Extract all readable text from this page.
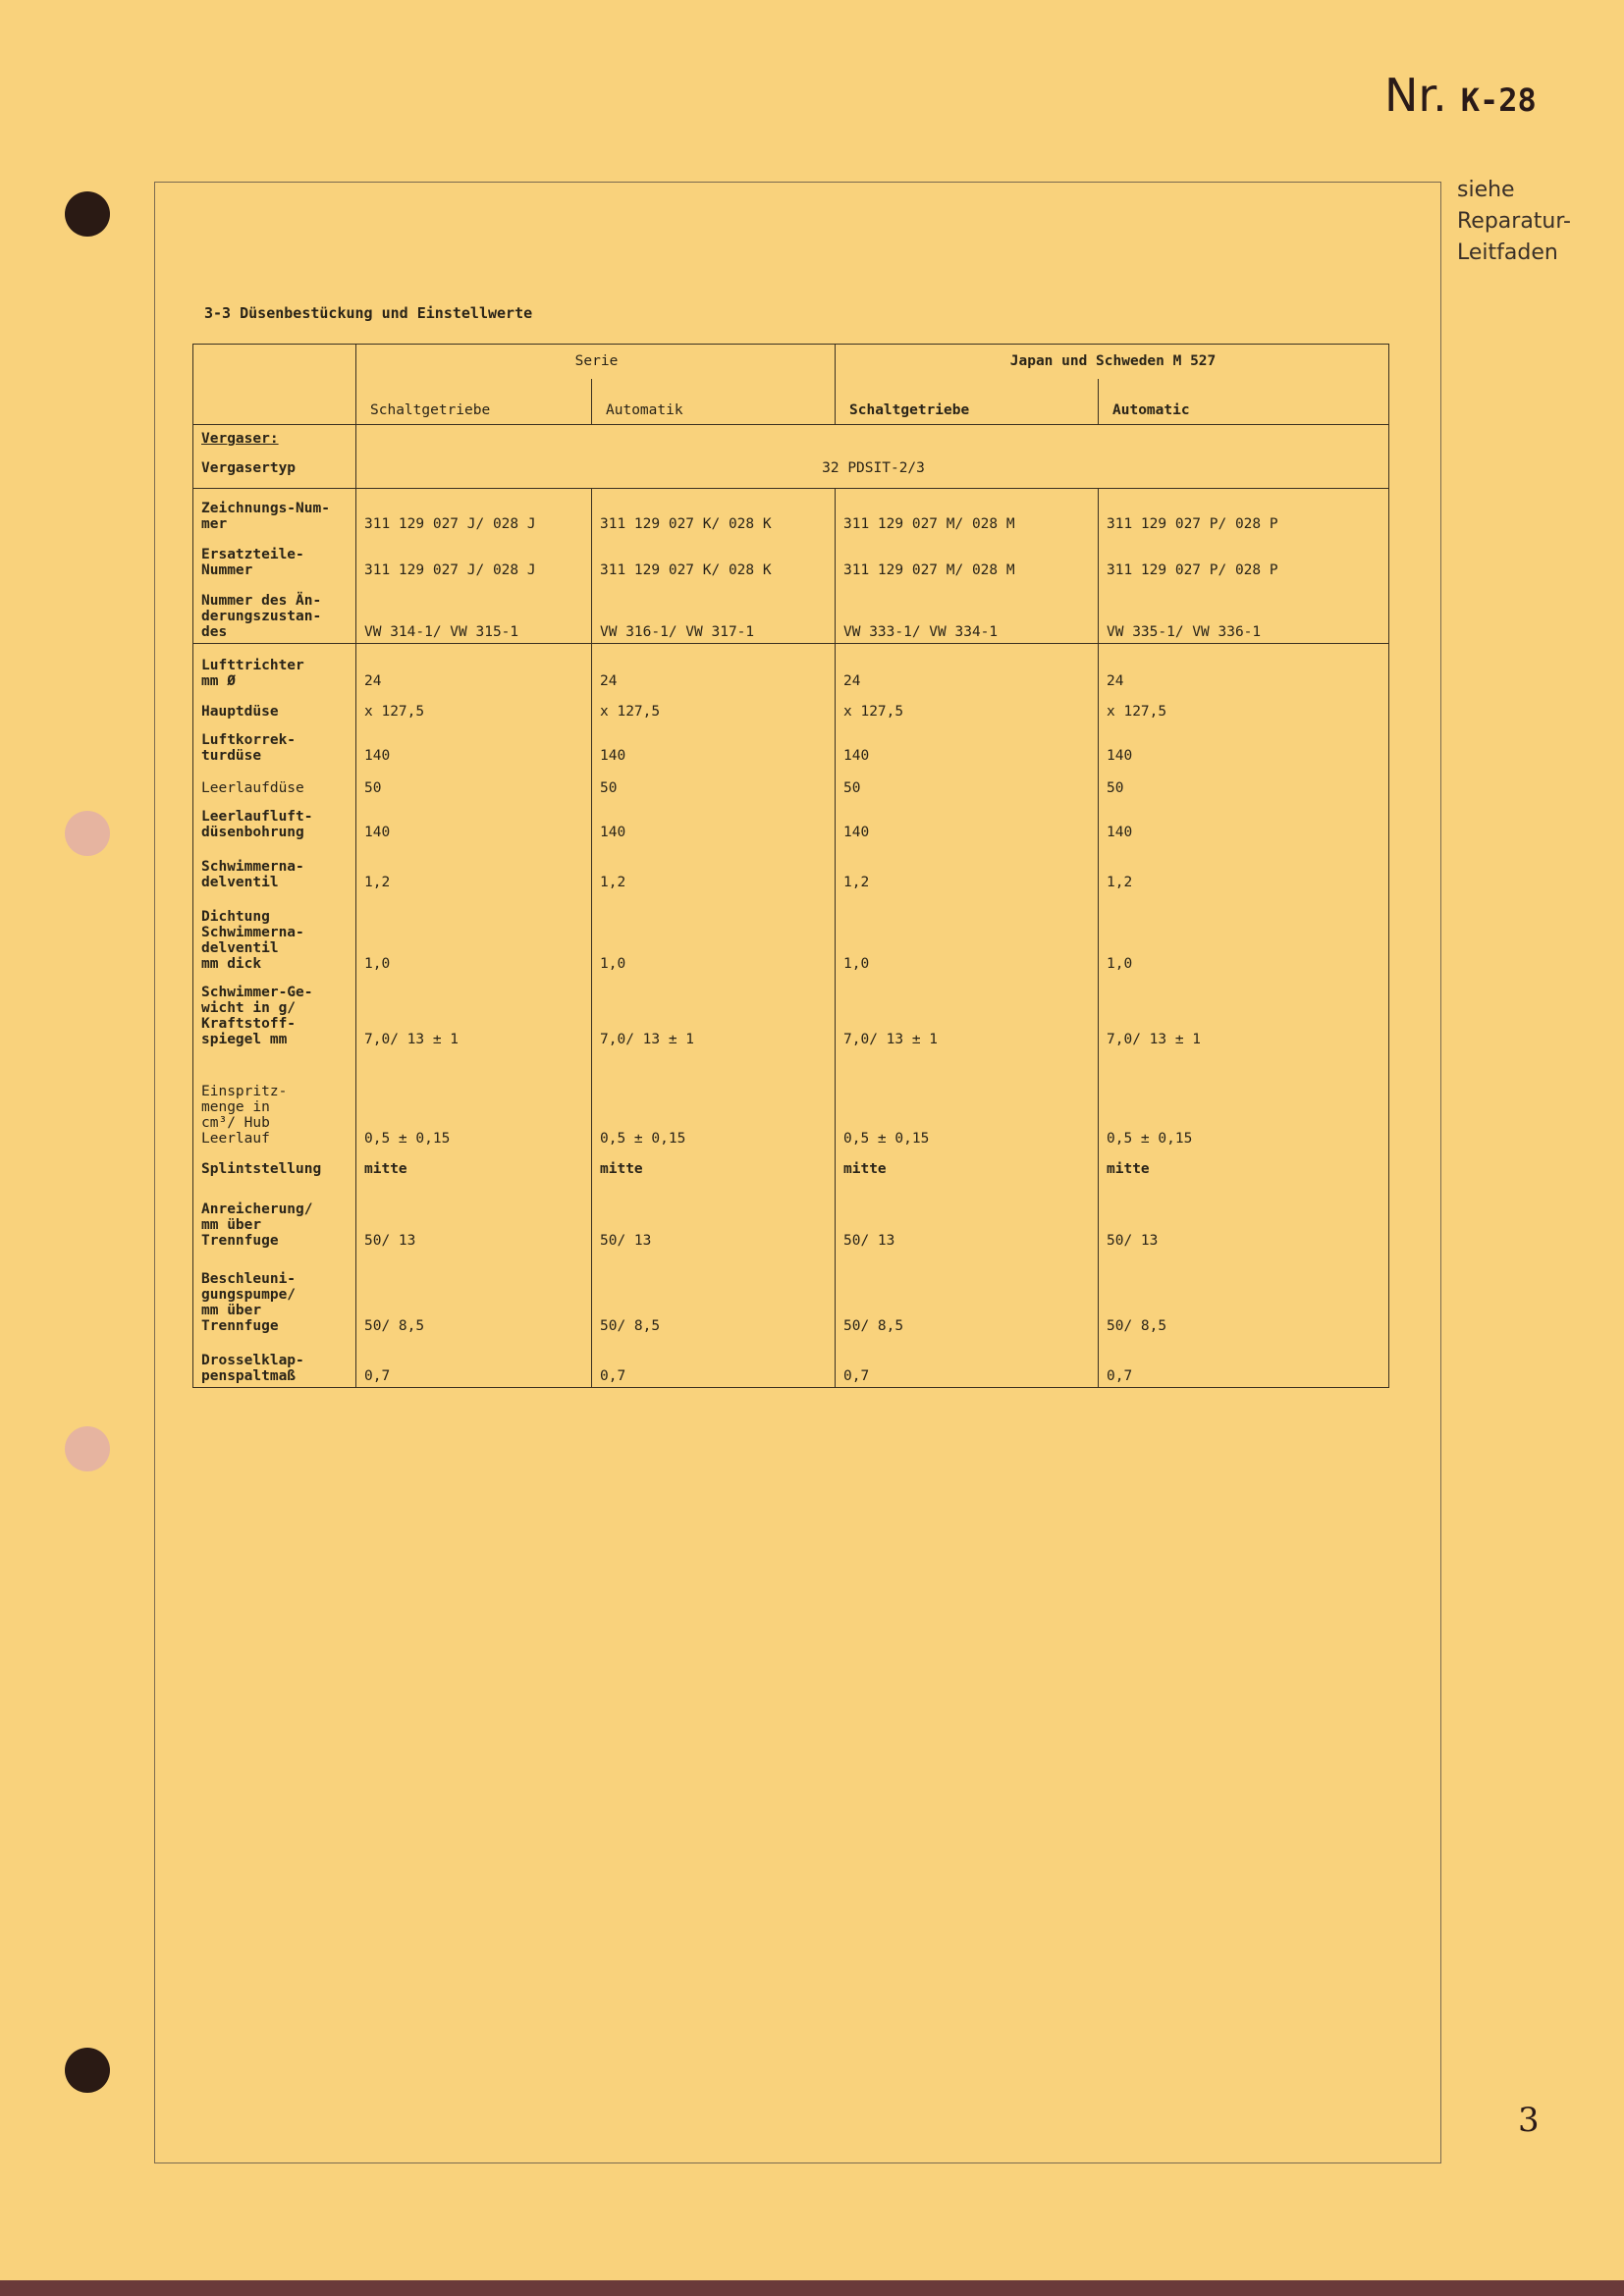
Nr. K-28
siehe
Reparatur-
Leitfaden
3-3 Düsenbestückung und Einstellwerte
	Serie		Japan und Schweden M 527	
	Schaltgetriebe	Automatik	Schaltgetriebe	Automatic
Vergaser:				
Vergasertyp	32 PDSIT-2/3			

Zeichnungs-Num-
mer	311 129 027 J/ 028 J	311 129 027 K/ 028 K	311 129 027 M/ 028 M	311 129 027 P/ 028 P

Ersatzteile-
Nummer	311 129 027 J/ 028 J	311 129 027 K/ 028 K	311 129 027 M/ 028 M	311 129 027 P/ 028 P

Nummer des Än-
derungszustan-
des	VW 314-1/ VW 315-1	VW 316-1/ VW 317-1	VW 333-1/ VW 334-1	VW 335-1/ VW 336-1

Lufttrichter
mm Ø	24	24	24	24

Hauptdüse	x 127,5	x 127,5	x 127,5	x 127,5

Luftkorrek-
turdüse	140	140	140	140

Leerlaufdüse	50	50	50	50

Leerlaufluft-
düsenbohrung	140	140	140	140

Schwimmerna-
delventil	1,2	1,2	1,2	1,2

Dichtung
Schwimmerna-
delventil
mm dick	1,0	1,0	1,0	1,0

Schwimmer-Ge-
wicht in g/
Kraftstoff-
spiegel mm	7,0/ 13 ± 1	7,0/ 13 ± 1	7,0/ 13 ± 1	7,0/ 13 ± 1

Einspritz-
menge in
cm³/ Hub
Leerlauf	0,5 ± 0,15	0,5 ± 0,15	0,5 ± 0,15	0,5 ± 0,15

Splintstellung	mitte	mitte	mitte	mitte

Anreicherung/
mm über
Trennfuge	50/ 13	50/ 13	50/ 13	50/ 13

Beschleuni-
gungspumpe/
mm über
Trennfuge	50/ 8,5	50/ 8,5	50/ 8,5	50/ 8,5

Drosselklap-
penspaltmaß	0,7	0,7	0,7	0,7
3
